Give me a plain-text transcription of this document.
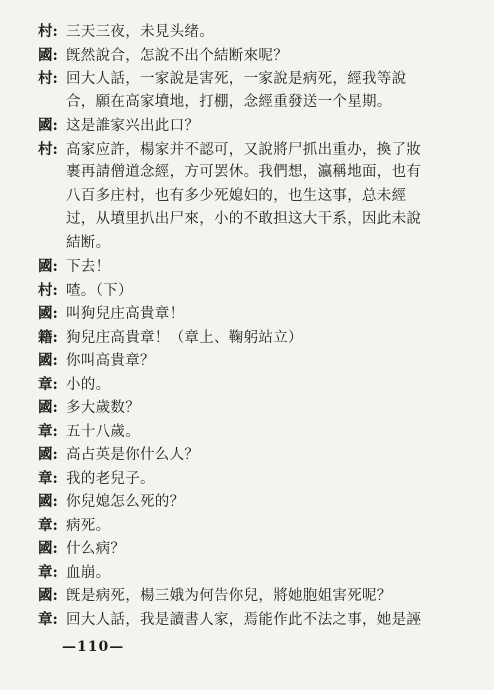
村: 三天三夜，未見头绪。
國: 旣然說合，怎說不出个結断來呢？
村: 回大人話，一家說是害死，一家說是病死，經我等說
合，願在高家墳地，打棚，念經重發送一个星期。
國: 这是誰家兴出此口？
村: 高家应許，楊家并不認可，又說將尸抓出重办，換了妝
裹再請僧道念經，方可罢休。我們想，瀛稱地面，也有
八百多庄村，也有多少死媳妇的，也生这事，总未經
过，从墳里扒出尸來，小的不敢担这大干系，因此未說
結断。
國: 下去！
村: 喳。（下）
國: 叫狗兒庄高貴章！
籍: 狗兒庄高貴章！（章上、鞠躬站立）
國: 你叫高貴章？
章: 小的。
國: 多大歲数？
章: 五十八歲。
國: 高占英是你什么人？
章: 我的老兒子。
國: 你兒媳怎么死的？
章: 病死。
國: 什么病？
章: 血崩。
國: 旣是病死，楊三娥为何告你兒，將她胞姐害死呢？
章: 回大人話，我是讀書人家，焉能作此不法之事，她是誣
—110—
